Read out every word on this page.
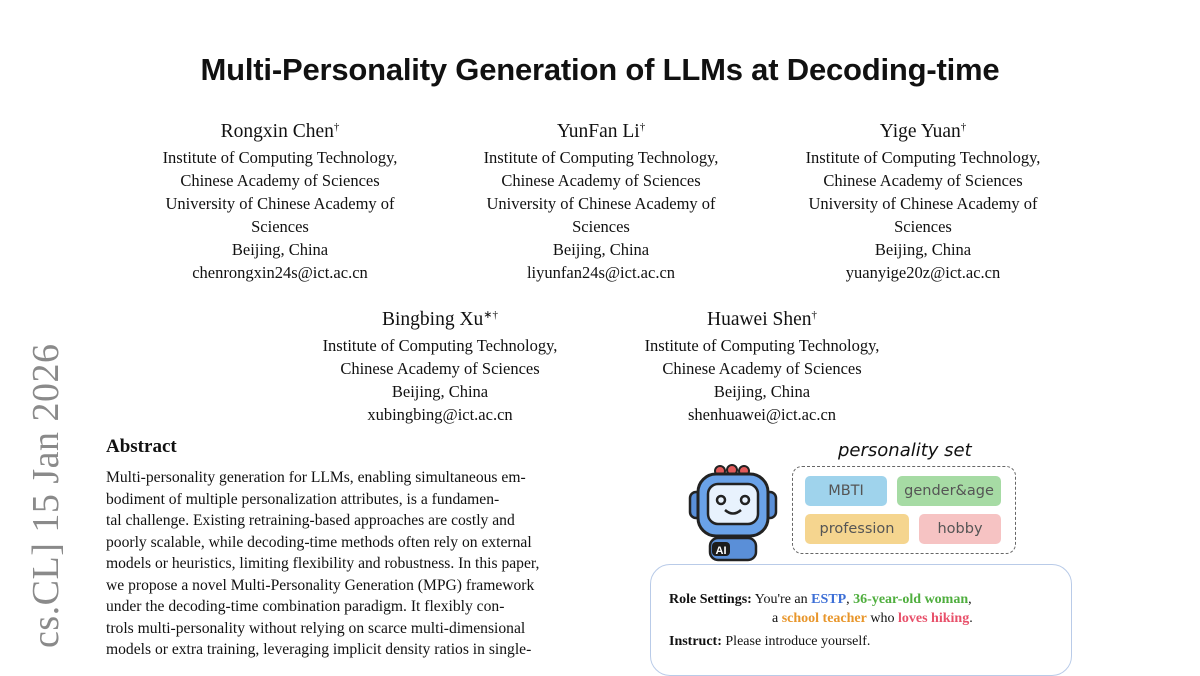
Multi-Personality Generation of LLMs at Decoding-time
Rongxin Chen†
Institute of Computing Technology,
Chinese Academy of Sciences
University of Chinese Academy of
Sciences
Beijing, China
chenrongxin24s@ict.ac.cn
YunFan Li†
Institute of Computing Technology,
Chinese Academy of Sciences
University of Chinese Academy of
Sciences
Beijing, China
liyunfan24s@ict.ac.cn
Yige Yuan†
Institute of Computing Technology,
Chinese Academy of Sciences
University of Chinese Academy of
Sciences
Beijing, China
yuanyige20z@ict.ac.cn
Bingbing Xu∗†
Institute of Computing Technology,
Chinese Academy of Sciences
Beijing, China
xubingbing@ict.ac.cn
Huawei Shen†
Institute of Computing Technology,
Chinese Academy of Sciences
Beijing, China
shenhuawei@ict.ac.cn
cs.CL] 15 Jan 2026 Abstract
Multi-personality generation for LLMs, enabling simultaneous em-
bodiment of multiple personalization attributes, is a fundamen-
tal challenge. Existing retraining-based approaches are costly and
poorly scalable, while decoding-time methods often rely on external
models or heuristics, limiting flexibility and robustness. In this paper,
we propose a novel Multi-Personality Generation (MPG) framework
under the decoding-time combination paradigm. It flexibly con-
trols multi-personality without relying on scarce multi-dimensional
models or extra training, leveraging implicit density ratios in single-
personality set
AI
MBTI	gender&age
profession	hobby
Role Settings: You're an ESTP, 36-year-old woman,
a school teacher who loves hiking.
Instruct: Please introduce yourself.
